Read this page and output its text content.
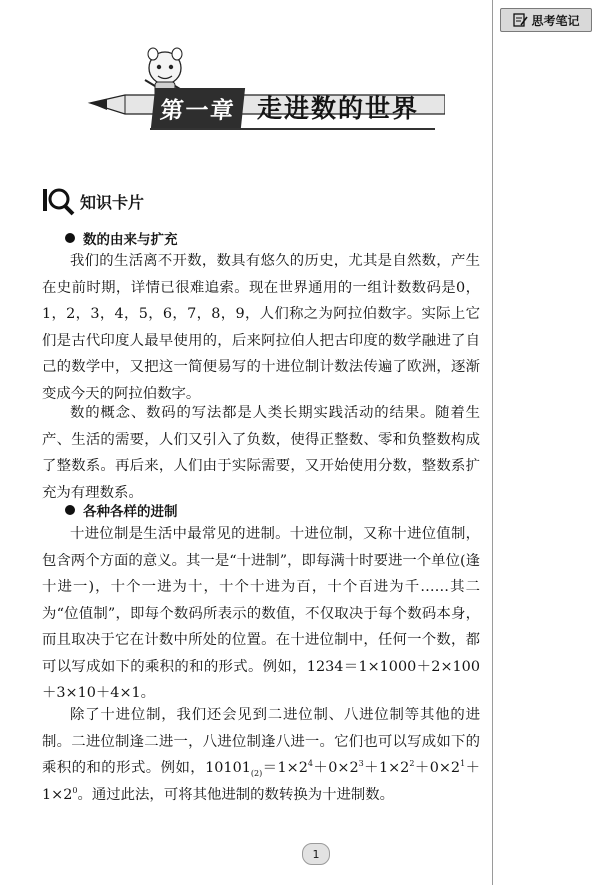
思考笔记
第一章 走进数的世界
知识卡片
数的由来与扩充

我们的生活离不开数，数具有悠久的历史，尤其是自然数，产生在史前时期，详情已很难追索。现在世界通用的一组计数数码是0，1，2，3，4，5，6，7，8，9，人们称之为阿拉伯数字。实际上它们是古代印度人最早使用的，后来阿拉伯人把古印度的数学融进了自己的数学中，又把这一简便易写的十进位制计数法传遍了欧洲，逐渐变成今天的阿拉伯数字。

数的概念、数码的写法都是人类长期实践活动的结果。随着生产、生活的需要，人们又引入了负数，使得正整数、零和负整数构成了整数系。再后来，人们由于实际需要，又开始使用分数，整数系扩充为有理数系。

各种各样的进制

十进位制是生活中最常见的进制。十进位制，又称十进位值制，包含两个方面的意义。其一是“十进制”，即每满十时要进一个单位(逢十进一)，十个一进为十，十个十进为百，十个百进为千……其二为“位值制”，即每个数码所表示的数值，不仅取决于每个数码本身，而且取决于它在计数中所处的位置。在十进位制中，任何一个数，都可以写成如下的乘积的和的形式。例如，1234＝1×1000＋2×100＋3×10＋4×1。

除了十进位制，我们还会见到二进位制、八进位制等其他的进制。二进位制逢二进一，八进位制逢八进一。它们也可以写成如下的乘积的和的形式。例如，$10101_{(2)}=1\times 2^4+0\times 2^3+1\times 2^2+0\times 2^1+1\times 2^0$。通过此法，可将其他进制的数转换为十进制数。

1
